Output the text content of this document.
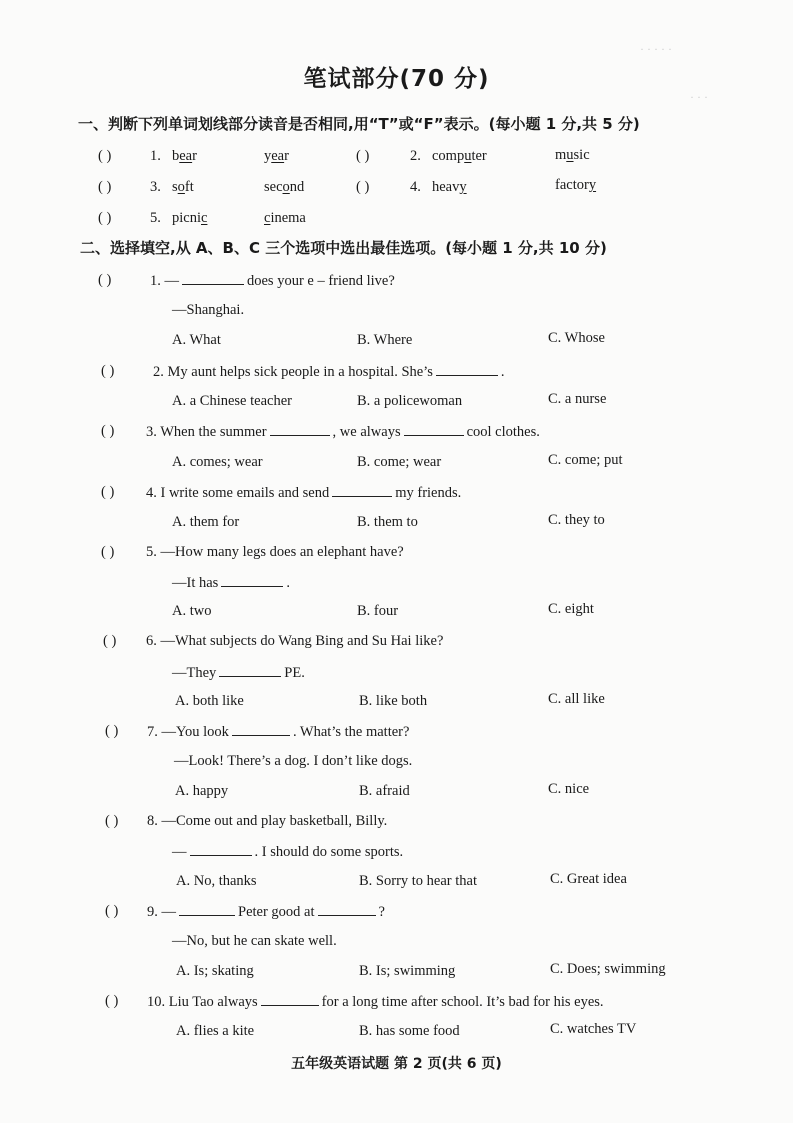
· · · · ·
· · ·
笔试部分(70 分)
一、判断下列单词划线部分读音是否相同,用“T”或“F”表示。(每小题 1 分,共 5 分)
( )	1. bear	year	( )	2. computer	music
( )	3. soft	second	( )	4. heavy	factory
( )	5. picnic	cinema
二、选择填空,从 A、B、C 三个选项中选出最佳选项。(每小题 1 分,共 10 分)
( )	1. —	does your e – friend live?
—Shanghai.
A. What	B. Where	C. Whose
( )	2. My aunt helps sick people in a hospital. She’s	.
A. a Chinese teacher	B. a policewoman	C. a nurse
( ) 3. When the summer	, we always	cool clothes.
A. comes; wear	B. come; wear	C. come; put
( ) 4. I write some emails and send	my friends.
A. them for	B. them to	C. they to
( ) 5. —How many legs does an elephant have?
—It has	.
A. two	B. four	C. eight
( ) 6. —What subjects do Wang Bing and Su Hai like?
—They	PE.
A. both like	B. like both	C. all like
( ) 7. —You look	. What’s the matter?
—Look! There’s a dog. I don’t like dogs.
A. happy	B. afraid	C. nice
( ) 8. —Come out and play basketball, Billy.
—	. I should do some sports.
A. No, thanks	B. Sorry to hear that	C. Great idea
( ) 9. —	Peter good at	?
—No, but he can skate well.
A. Is; skating	B. Is; swimming	C. Does; swimming
( ) 10. Liu Tao always	for a long time after school. It’s bad for his eyes.
A. flies a kite	B. has some food	C. watches TV
五年级英语试题 第 2 页(共 6 页)
